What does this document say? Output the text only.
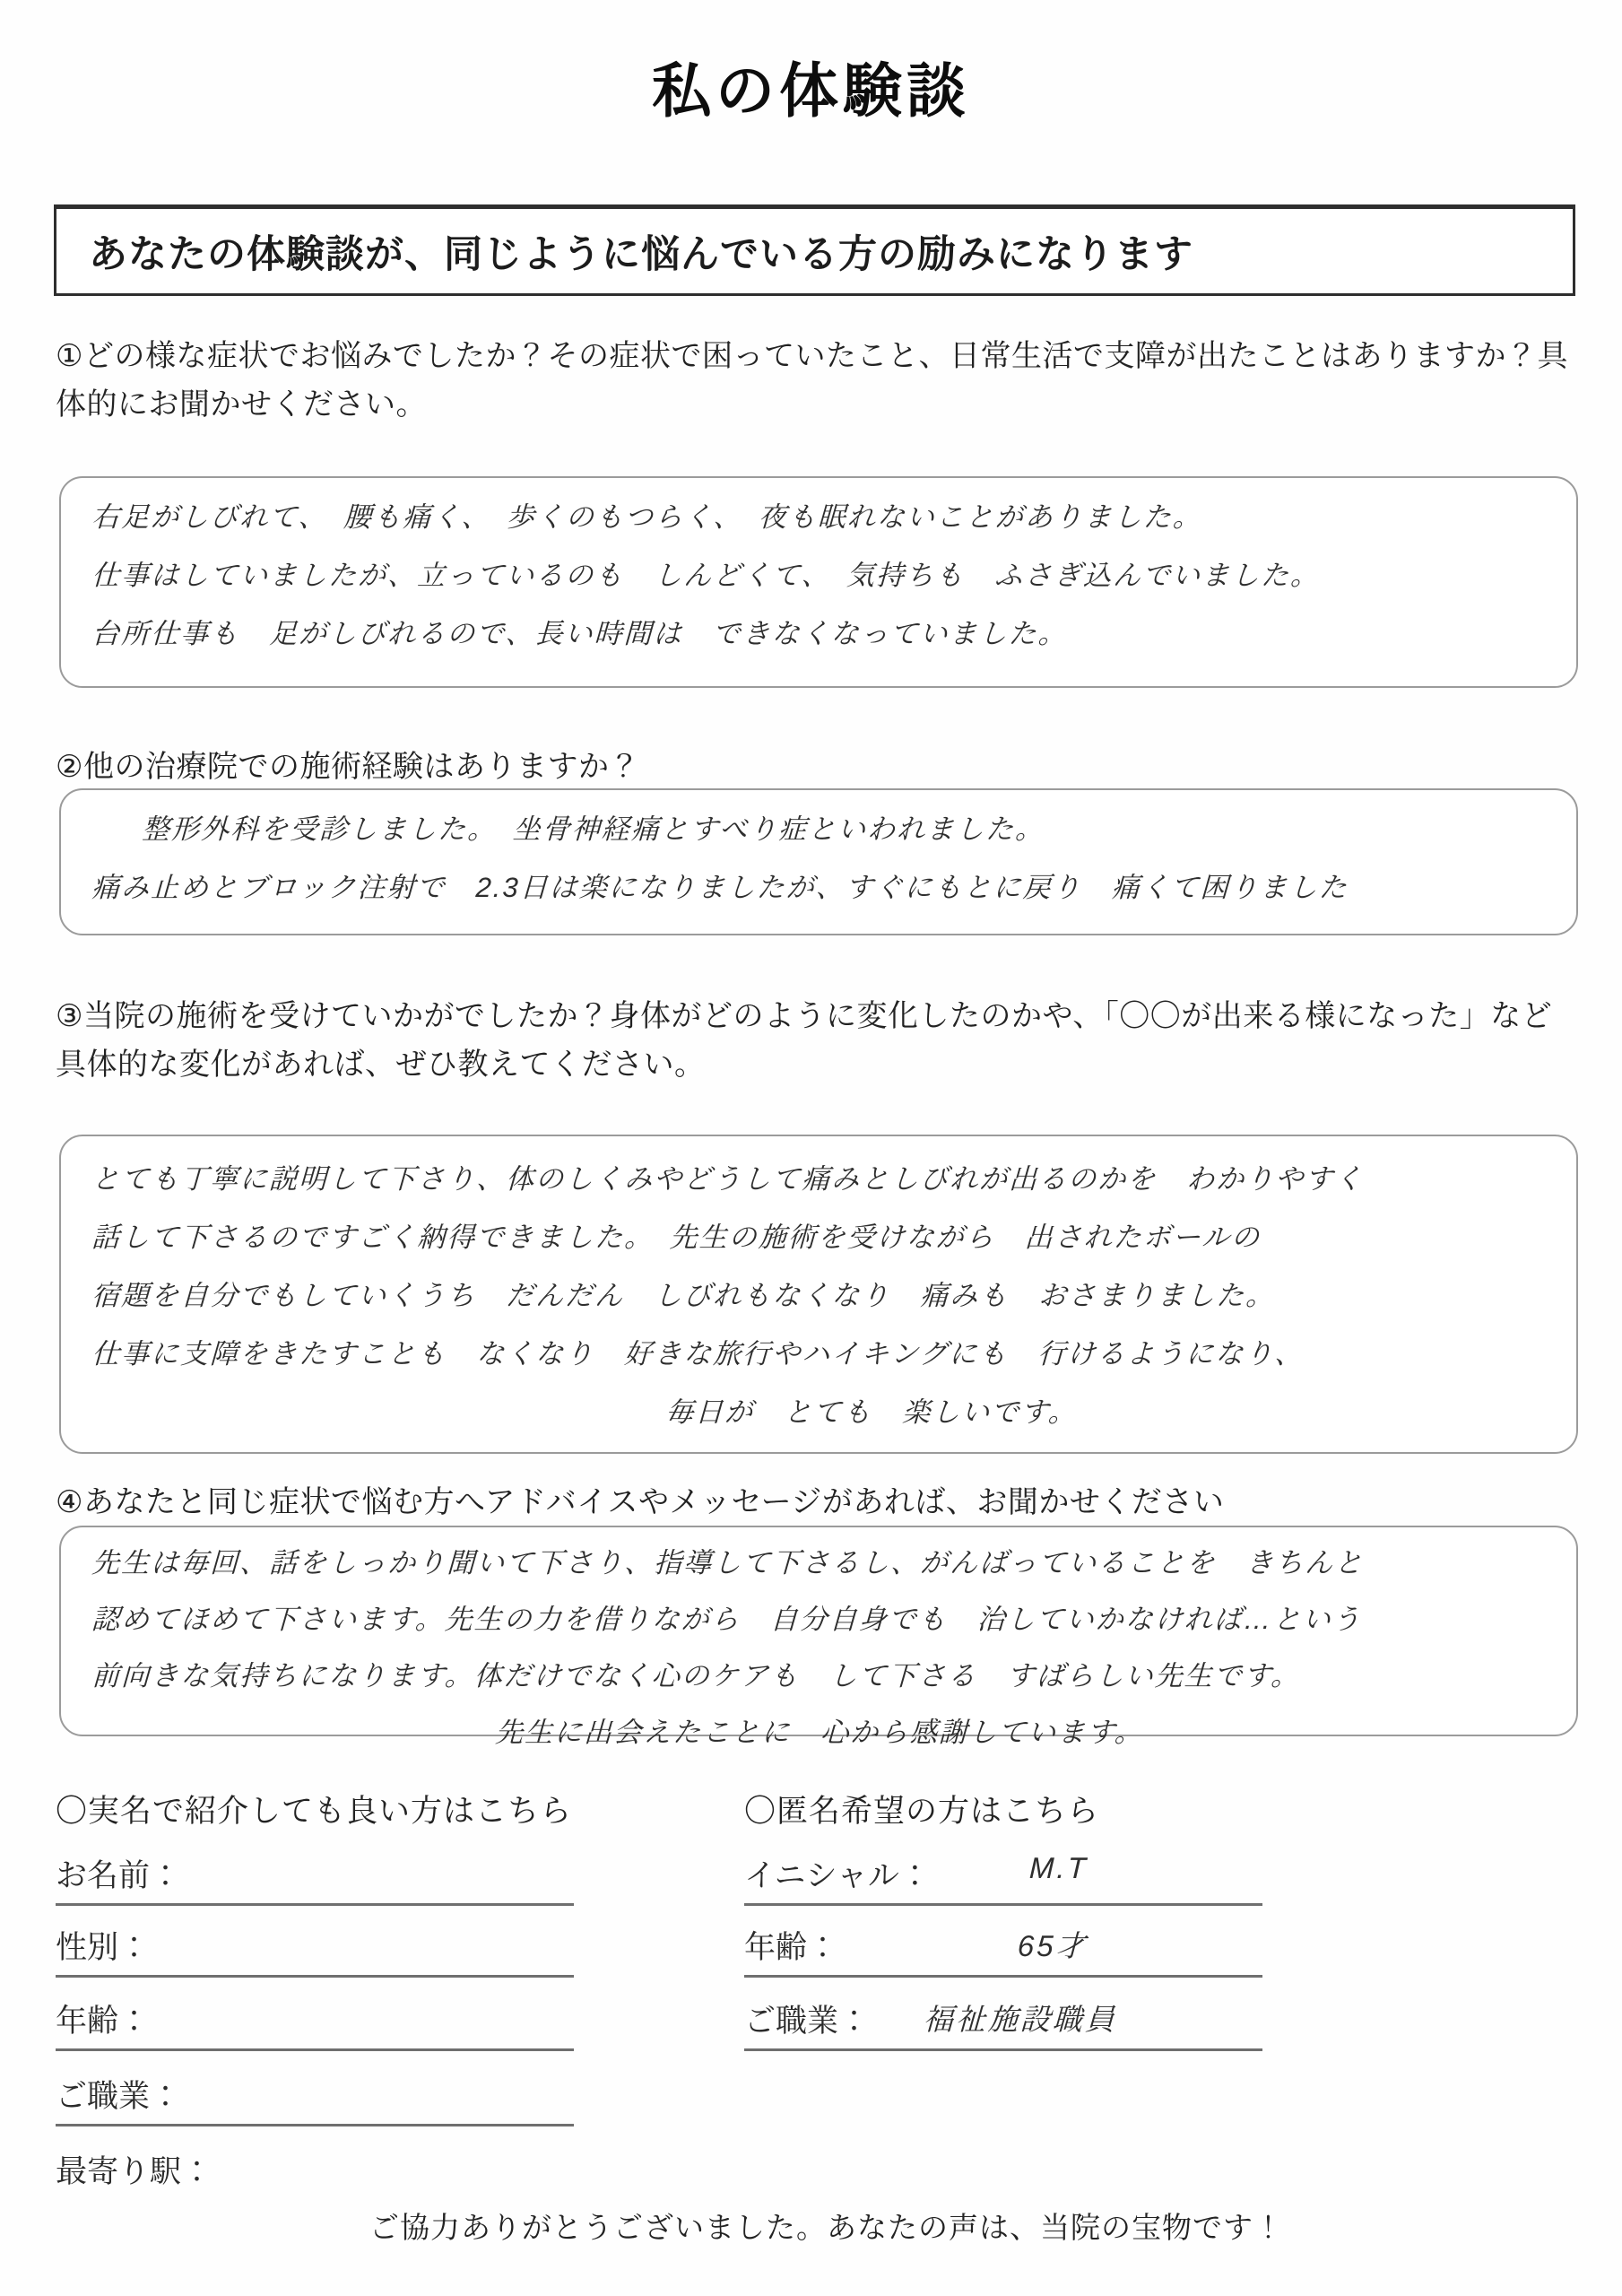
私の体験談
あなたの体験談が、同じように悩んでいる方の励みになります
①どの様な症状でお悩みでしたか？その症状で困っていたこと、日常生活で支障が出たことはありますか？具体的にお聞かせください。
右足がしびれて、　腰も痛く、　歩くのもつらく、　夜も眠れないことがありました。
仕事はしていましたが、立っているのも　しんどくて、　気持ちも　ふさぎ込んでいました。
台所仕事も　足がしびれるので、長い時間は　できなくなっていました。
②他の治療院での施術経験はありますか？
整形外科を受診しました。　坐骨神経痛とすべり症といわれました。
痛み止めとブロック注射で　2.3日は楽になりましたが、すぐにもとに戻り　痛くて困りました
③当院の施術を受けていかがでしたか？身体がどのように変化したのかや、「〇〇が出来る様になった」など具体的な変化があれば、ぜひ教えてください。
とても丁寧に説明して下さり、体のしくみやどうして痛みとしびれが出るのかを　わかりやすく
話して下さるのですごく納得できました。　先生の施術を受けながら　出されたボールの
宿題を自分でもしていくうち　だんだん　しびれもなくなり　痛みも　おさまりました。
仕事に支障をきたすことも　なくなり　好きな旅行やハイキングにも　行けるようになり、
毎日が　とても　楽しいです。
④あなたと同じ症状で悩む方へアドバイスやメッセージがあれば、お聞かせください
先生は毎回、話をしっかり聞いて下さり、指導して下さるし、がんばっていることを　きちんと
認めてほめて下さいます。先生の力を借りながら　自分自身でも　治していかなければ…という
前向きな気持ちになります。体だけでなく心のケアも　して下さる　すばらしい先生です。
先生に出会えたことに　心から感謝しています。
〇実名で紹介しても良い方はこちら
お名前：
性別：
年齢：
ご職業：
最寄り駅：
〇匿名希望の方はこちら
イニシャル：	M.T
年齢：	65才
ご職業： 福祉施設職員
ご協力ありがとうございました。あなたの声は、当院の宝物です！
